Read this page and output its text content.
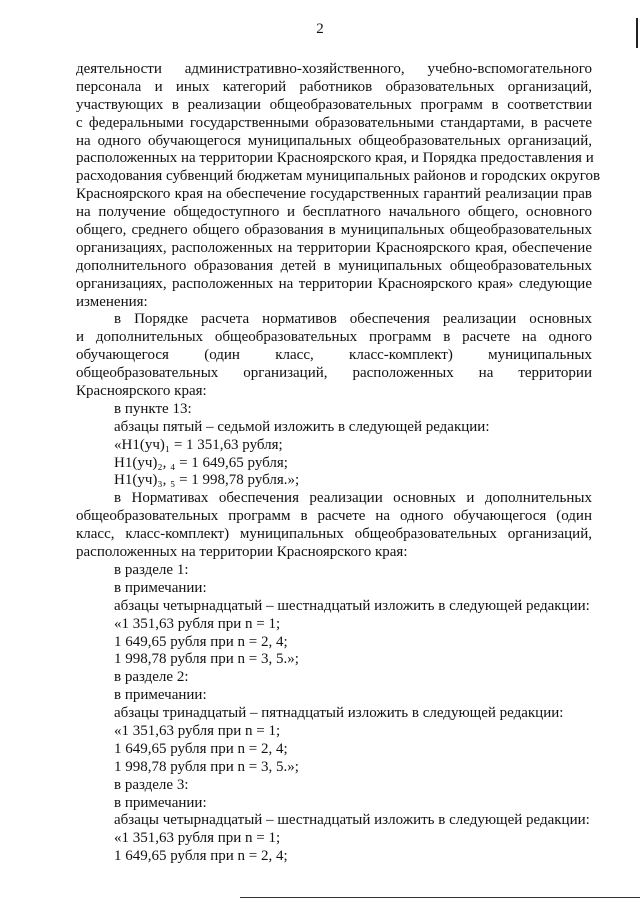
2
деятельности административно-хозяйственного, учебно-вспомогательного
персонала и иных категорий работников образовательных организаций,
участвующих в реализации общеобразовательных программ в соответствии
с федеральными государственными образовательными стандартами, в расчете
на одного обучающегося муниципальных общеобразовательных организаций,
расположенных на территории Красноярского края, и Порядка предоставления и
расходования субвенций бюджетам муниципальных районов и городских округов
Красноярского края на обеспечение государственных гарантий реализации прав
на получение общедоступного и бесплатного начального общего, основного
общего, среднего общего образования в муниципальных общеобразовательных
организациях, расположенных на территории Красноярского края, обеспечение
дополнительного образования детей в муниципальных общеобразовательных
организациях, расположенных на территории Красноярского края» следующие
изменения:
в Порядке расчета нормативов обеспечения реализации основных
и дополнительных общеобразовательных программ в расчете на одного
обучающегося (один класс, класс-комплект) муниципальных
общеобразовательных организаций, расположенных на территории
Красноярского края:
в пункте 13:
абзацы пятый – седьмой изложить в следующей редакции:
«Н1(уч)₁ = 1 351,63 рубля;
Н1(уч)₂, ₄ = 1 649,65 рубля;
Н1(уч)₃, ₅ = 1 998,78 рубля.»;
в Нормативах обеспечения реализации основных и дополнительных
общеобразовательных программ в расчете на одного обучающегося (один
класс, класс-комплект) муниципальных общеобразовательных организаций,
расположенных на территории Красноярского края:
в разделе 1:
в примечании:
абзацы четырнадцатый – шестнадцатый изложить в следующей редакции:
«1 351,63 рубля при n = 1;
1 649,65 рубля при n = 2, 4;
1 998,78 рубля при n = 3, 5.»;
в разделе 2:
в примечании:
абзацы тринадцатый – пятнадцатый изложить в следующей редакции:
«1 351,63 рубля при n = 1;
1 649,65 рубля при n = 2, 4;
1 998,78 рубля при n = 3, 5.»;
в разделе 3:
в примечании:
абзацы четырнадцатый – шестнадцатый изложить в следующей редакции:
«1 351,63 рубля при n = 1;
1 649,65 рубля при n = 2, 4;
